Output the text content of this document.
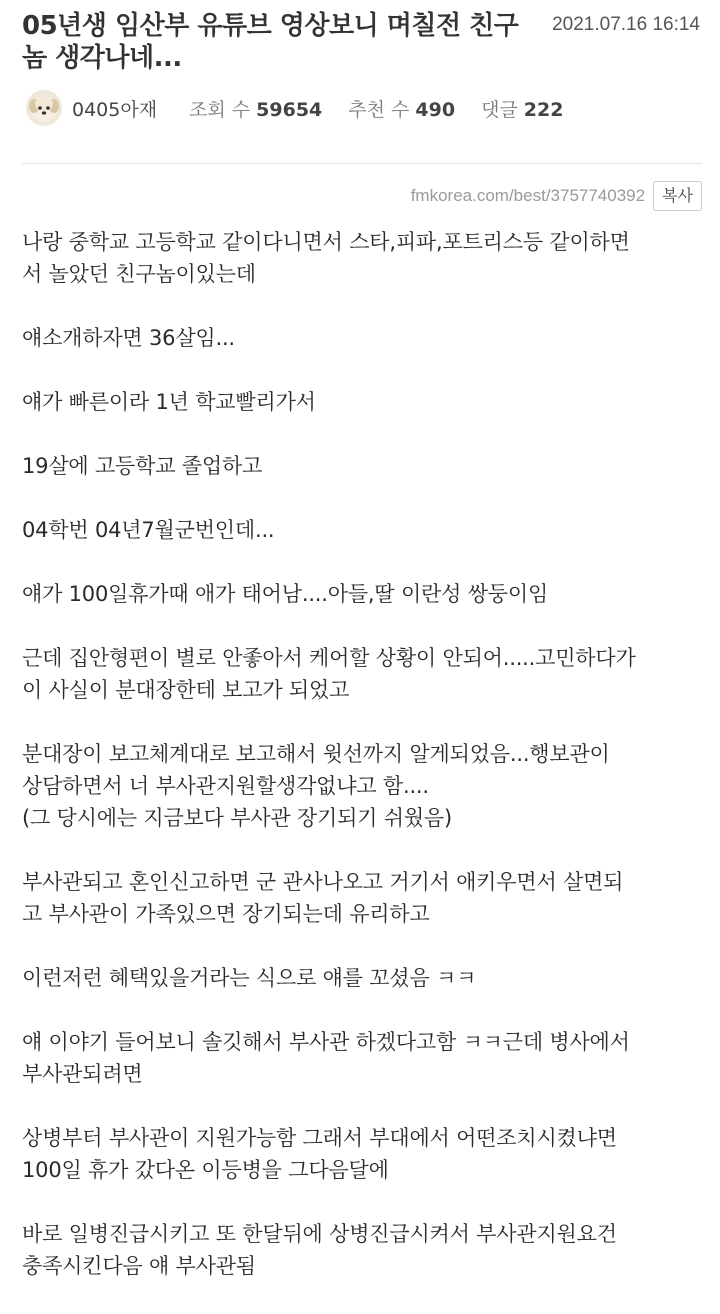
05년생 임산부 유튜브 영상보니 며칠전 친구놈 생각나네...
2021.07.16 16:14
0405아재 조회 수 59654 추천 수 490 댓글 222
fmkorea.com/best/3757740392	복사

나랑 중학교 고등학교 같이다니면서 스타,피파,포트리스등 같이하면
서 놀았던 친구놈이있는데

얘소개하자면 36살임...

얘가 빠른이라 1년 학교빨리가서

19살에 고등학교 졸업하고

04학번 04년7월군번인데...

얘가 100일휴가때 애가 태어남....아들,딸 이란성 쌍둥이임

근데 집안형편이 별로 안좋아서 케어할 상황이 안되어.....고민하다가
이 사실이 분대장한테 보고가 되었고

분대장이 보고체계대로 보고해서 윗선까지 알게되었음...행보관이
상담하면서 너 부사관지원할생각없냐고 함....
(그 당시에는 지금보다 부사관 장기되기 쉬웠음)

부사관되고 혼인신고하면 군 관사나오고 거기서 애키우면서 살면되
고 부사관이 가족있으면 장기되는데 유리하고

이런저런 혜택있을거라는 식으로 얘를 꼬셨음 ㅋㅋ

얘 이야기 들어보니 솔깃해서 부사관 하겠다고함 ㅋㅋ근데 병사에서
부사관되려면

상병부터 부사관이 지원가능함 그래서 부대에서 어떤조치시켰냐면
100일 휴가 갔다온 이등병을 그다음달에

바로 일병진급시키고 또 한달뒤에 상병진급시켜서 부사관지원요건
충족시킨다음 얘 부사관됨
